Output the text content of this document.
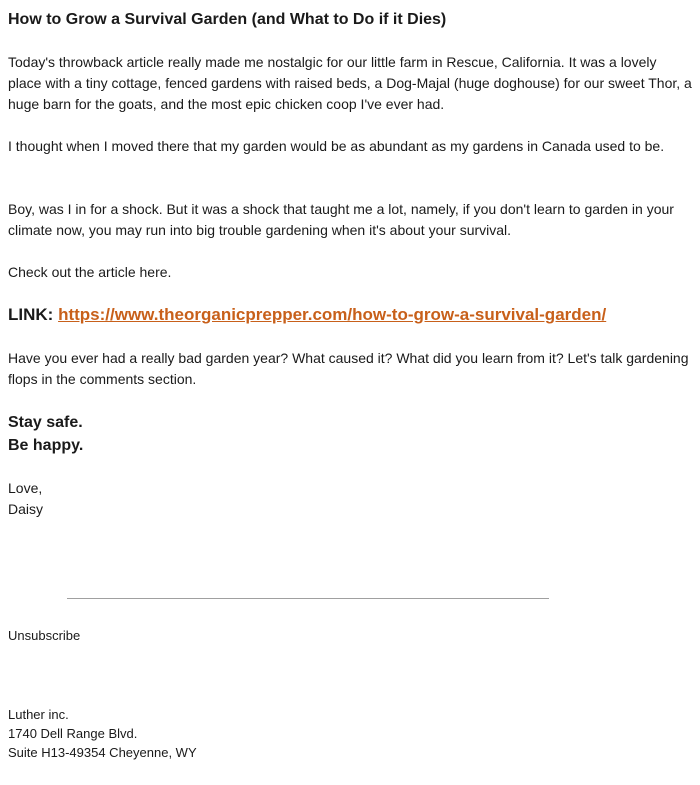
How to Grow a Survival Garden (and What to Do if it Dies)

Today's throwback article really made me nostalgic for our little farm in Rescue, California. It was a lovely place with a tiny cottage, fenced gardens with raised beds, a Dog-Majal (huge doghouse) for our sweet Thor, a huge barn for the goats, and the most epic chicken coop I've ever had.

I thought when I moved there that my garden would be as abundant as my gardens in Canada used to be.

Boy, was I in for a shock. But it was a shock that taught me a lot, namely, if you don't learn to garden in your climate now, you may run into big trouble gardening when it's about your survival.

Check out the article here.

LINK: https://www.theorganicprepper.com/how-to-grow-a-survival-garden/

Have you ever had a really bad garden year? What caused it? What did you learn from it? Let's talk gardening flops in the comments section.

Stay safe.
Be happy.

Love,
Daisy

Unsubscribe

Luther inc.
1740 Dell Range Blvd.
Suite H13-49354 Cheyenne, WY
